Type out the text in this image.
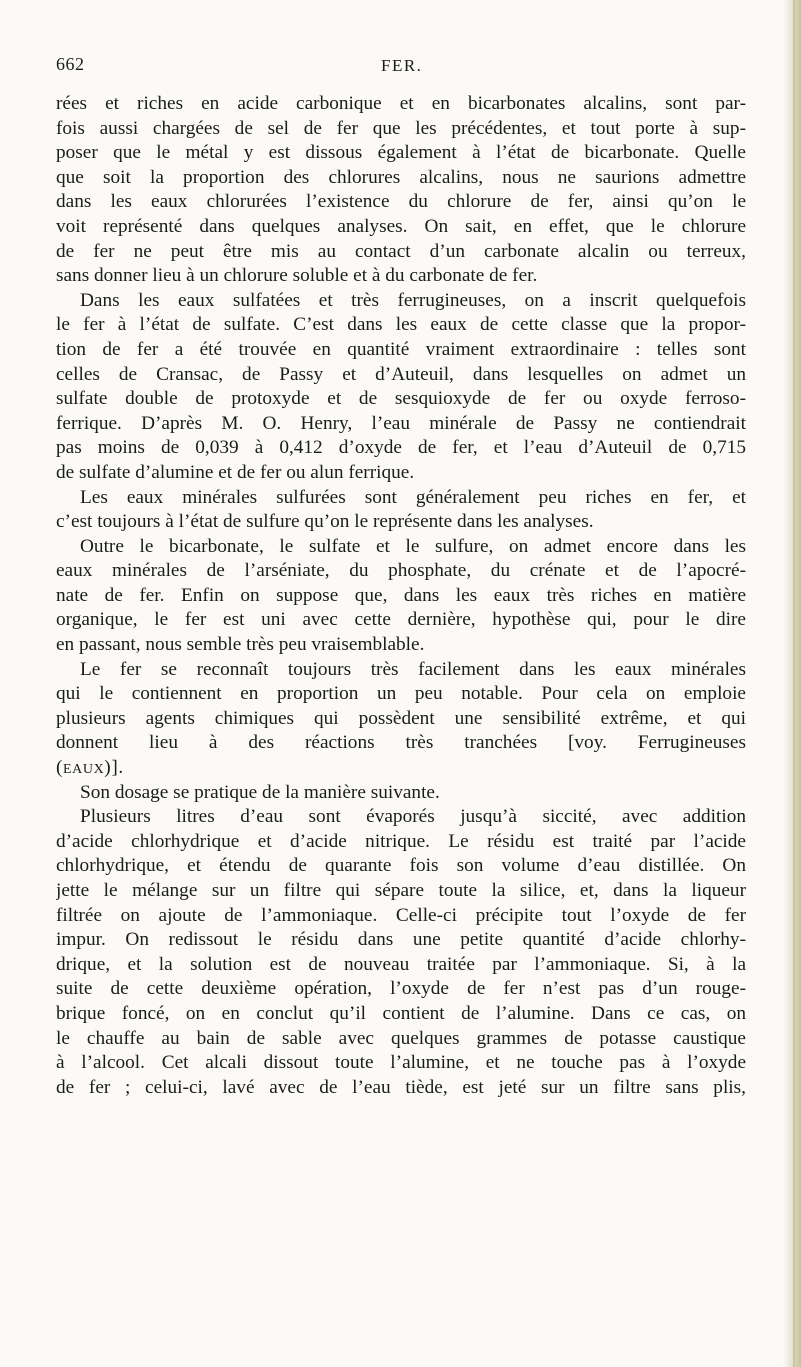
662	FER.
rées et riches en acide carbonique et en bicarbonates alcalins, sont par-
fois aussi chargées de sel de fer que les précédentes, et tout porte à sup-
poser que le métal y est dissous également à l’état de bicarbonate. Quelle
que soit la proportion des chlorures alcalins, nous ne saurions admettre
dans les eaux chlorurées l’existence du chlorure de fer, ainsi qu’on le
voit représenté dans quelques analyses. On sait, en effet, que le chlorure
de fer ne peut être mis au contact d’un carbonate alcalin ou terreux,
sans donner lieu à un chlorure soluble et à du carbonate de fer.
Dans les eaux sulfatées et très ferrugineuses, on a inscrit quelquefois
le fer à l’état de sulfate. C’est dans les eaux de cette classe que la propor-
tion de fer a été trouvée en quantité vraiment extraordinaire : telles sont
celles de Cransac, de Passy et d’Auteuil, dans lesquelles on admet un
sulfate double de protoxyde et de sesquioxyde de fer ou oxyde ferroso-
ferrique. D’après M. O. Henry, l’eau minérale de Passy ne contiendrait
pas moins de 0,039 à 0,412 d’oxyde de fer, et l’eau d’Auteuil de 0,715
de sulfate d’alumine et de fer ou alun ferrique.
Les eaux minérales sulfurées sont généralement peu riches en fer, et
c’est toujours à l’état de sulfure qu’on le représente dans les analyses.
Outre le bicarbonate, le sulfate et le sulfure, on admet encore dans les
eaux minérales de l’arséniate, du phosphate, du crénate et de l’apocré-
nate de fer. Enfin on suppose que, dans les eaux très riches en matière
organique, le fer est uni avec cette dernière, hypothèse qui, pour le dire
en passant, nous semble très peu vraisemblable.
Le fer se reconnaît toujours très facilement dans les eaux minérales
qui le contiennent en proportion un peu notable. Pour cela on emploie
plusieurs agents chimiques qui possèdent une sensibilité extrême, et qui
donnent lieu à des réactions très tranchées [voy. Ferrugineuses
(eaux)].
Son dosage se pratique de la manière suivante.
Plusieurs litres d’eau sont évaporés jusqu’à siccité, avec addition
d’acide chlorhydrique et d’acide nitrique. Le résidu est traité par l’acide
chlorhydrique, et étendu de quarante fois son volume d’eau distillée. On
jette le mélange sur un filtre qui sépare toute la silice, et, dans la liqueur
filtrée on ajoute de l’ammoniaque. Celle-ci précipite tout l’oxyde de fer
impur. On redissout le résidu dans une petite quantité d’acide chlorhy-
drique, et la solution est de nouveau traitée par l’ammoniaque. Si, à la
suite de cette deuxième opération, l’oxyde de fer n’est pas d’un rouge-
brique foncé, on en conclut qu’il contient de l’alumine. Dans ce cas, on
le chauffe au bain de sable avec quelques grammes de potasse caustique
à l’alcool. Cet alcali dissout toute l’alumine, et ne touche pas à l’oxyde
de fer ; celui-ci, lavé avec de l’eau tiède, est jeté sur un filtre sans plis,
